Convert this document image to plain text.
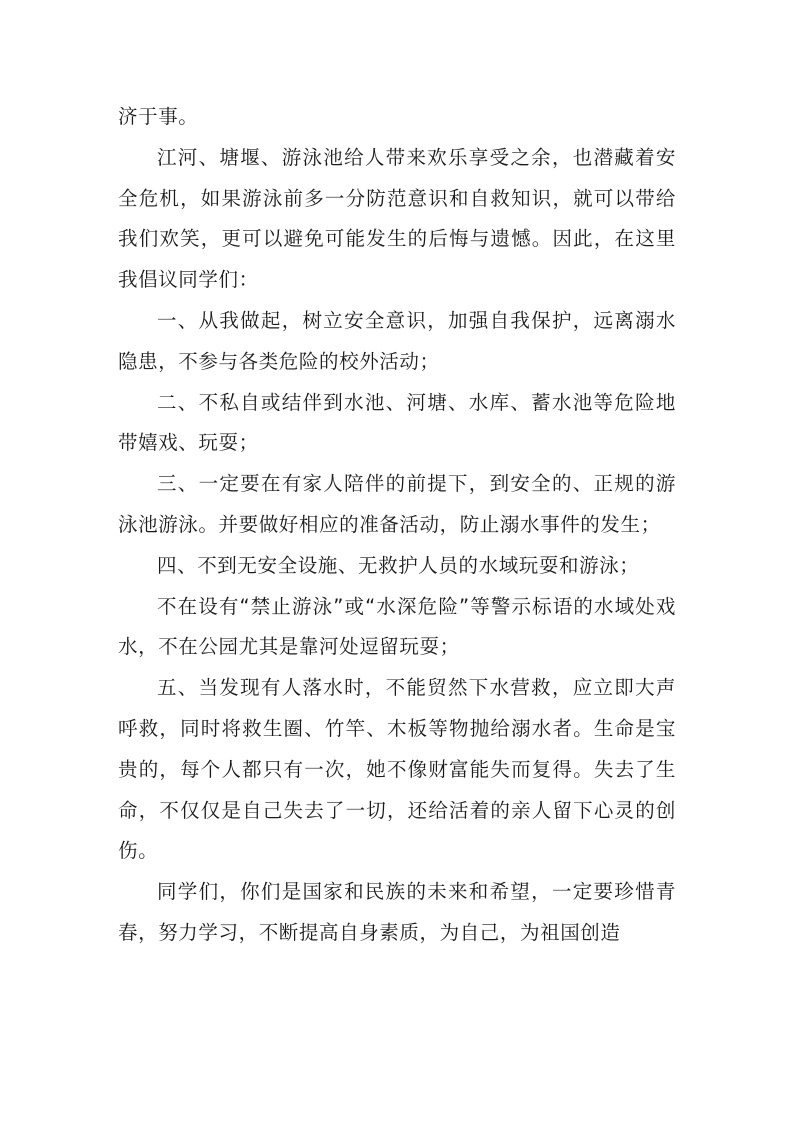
济于事。

江河、塘堰、游泳池给人带来欢乐享受之余，也潜藏着安全危机，如果游泳前多一分防范意识和自救知识，就可以带给我们欢笑，更可以避免可能发生的后悔与遗憾。因此，在这里我倡议同学们：

一、从我做起，树立安全意识，加强自我保护，远离溺水隐患，不参与各类危险的校外活动；

二、不私自或结伴到水池、河塘、水库、蓄水池等危险地带嬉戏、玩耍；

三、一定要在有家人陪伴的前提下，到安全的、正规的游泳池游泳。并要做好相应的准备活动，防止溺水事件的发生；

四、不到无安全设施、无救护人员的水域玩耍和游泳；

不在设有“禁止游泳”或“水深危险”等警示标语的水域处戏水，不在公园尤其是靠河处逗留玩耍；

五、当发现有人落水时，不能贸然下水营救，应立即大声呼救，同时将救生圈、竹竿、木板等物抛给溺水者。生命是宝贵的，每个人都只有一次，她不像财富能失而复得。失去了生命，不仅仅是自己失去了一切，还给活着的亲人留下心灵的创伤。

同学们，你们是国家和民族的未来和希望，一定要珍惜青春，努力学习，不断提高自身素质，为自己，为祖国创造
